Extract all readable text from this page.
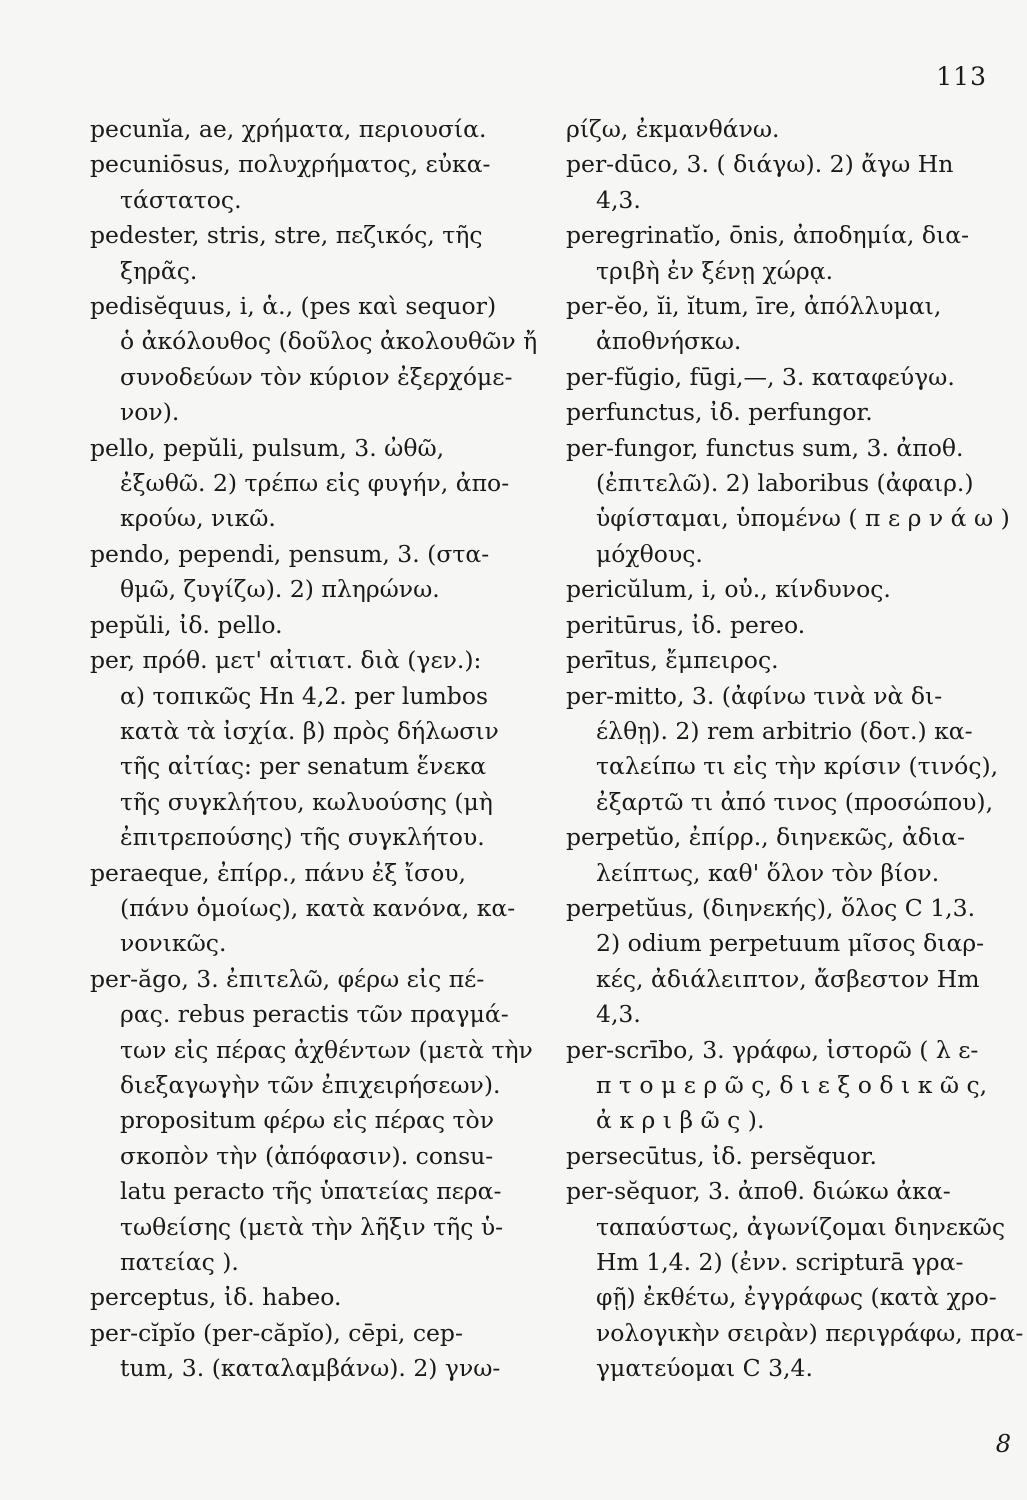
113
pecunĭa, ae, χρήματα, περιουσία.
pecuniōsus, πολυχρήματος, εὐκα-
τάστατος.
pedester, stris, stre, πεζικός, τῆς
ξηρᾶς.
pedisĕquus, i, ἁ., (pes καὶ sequor)
ὁ ἀκόλουθος (δοῦλος ἀκολουθῶν ἤ
συνοδεύων τὸν κύριον ἐξερχόμε-
νον).
pello, pepŭli, pulsum, 3. ὠθῶ,
ἐξωθῶ. 2) τρέπω εἰς φυγήν, ἀπο-
κρούω, νικῶ.
pendo, pependi, pensum, 3. (στα-
θμῶ, ζυγίζω). 2) πληρώνω.
pepŭli, ἰδ. pello.
per, πρόθ. μετ' αἰτιατ. διὰ (γεν.):
α) τοπικῶς Hn 4,2. per lumbos
κατὰ τὰ ἰσχία. β) πρὸς δήλωσιν
τῆς αἰτίας: per senatum ἕνεκα
τῆς συγκλήτου, κωλυούσης (μὴ
ἐπιτρεπούσης) τῆς συγκλήτου.
peraeque, ἐπίρρ., πάνυ ἐξ ἴσου,
(πάνυ ὁμοίως), κατὰ κανόνα, κα-
νονικῶς.
per-ăgo, 3. ἐπιτελῶ, φέρω εἰς πέ-
ρας. rebus peractis τῶν πραγμά-
των εἰς πέρας ἀχθέντων (μετὰ τὴν
διεξαγωγὴν τῶν ἐπιχειρήσεων).
propositum φέρω εἰς πέρας τὸν
σκοπὸν τὴν (ἀπόφασιν). consu-
latu peracto τῆς ὑπατείας περα-
τωθείσης (μετὰ τὴν λῆξιν τῆς ὑ-
πατείας ).
perceptus, ἰδ. habeo.
per-cĭpĭo (per-căpĭo), cēpi, cep-
tum, 3. (καταλαμβάνω). 2) γνω-
ρίζω, ἐκμανθάνω.
per-dūco, 3. ( διάγω). 2) ἄγω Hn
4,3.
peregrinatĭo, ōnis, ἀποδημία, δια-
τριβὴ ἐν ξένῃ χώρᾳ.
per-ĕo, ĭi, ĭtum, īre, ἀπόλλυμαι,
ἀποθνήσκω.
per-fŭgio, fūgi,—, 3. καταφεύγω.
perfunctus, ἰδ. perfungor.
per-fungor, functus sum, 3. ἀποθ.
(ἐπιτελῶ). 2) laboribus (ἀφαιρ.)
ὑφίσταμαι, ὑπομένω ( π ε ρ ν ά ω )
μόχθους.
pericŭlum, i, οὐ., κίνδυνος.
peritūrus, ἰδ. pereo.
perītus, ἔμπειρος.
per-mitto, 3. (ἀφίνω τινὰ νὰ δι-
έλθῃ). 2) rem arbitrio (δοτ.) κα-
ταλείπω τι εἰς τὴν κρίσιν (τινός),
ἐξαρτῶ τι ἀπό τινος (προσώπου),
perpetŭo, ἐπίρρ., διηνεκῶς, ἀδια-
λείπτως, καθ' ὅλον τὸν βίον.
perpetŭus, (διηνεκής), ὅλος C 1,3.
2) odium perpetuum μῖσος διαρ-
κές, ἀδιάλειπτον, ἄσβεστον Hm
4,3.
per-scrībo, 3. γράφω, ἱστορῶ ( λ ε-
π τ ο μ ε ρ ῶ ς, δ ι ε ξ ο δ ι κ ῶ ς,
ἀ κ ρ ι β ῶ ς ).
persecūtus, ἰδ. persĕquor.
per-sĕquor, 3. ἀποθ. διώκω ἀκα-
ταπαύστως, ἀγωνίζομαι διηνεκῶς
Hm 1,4. 2) (ἐνν. scripturā γρα-
φῇ) ἐκθέτω, ἐγγράφως (κατὰ χρο-
νολογικὴν σειρὰν) περιγράφω, πρα-
γματεύομαι C 3,4.
8
